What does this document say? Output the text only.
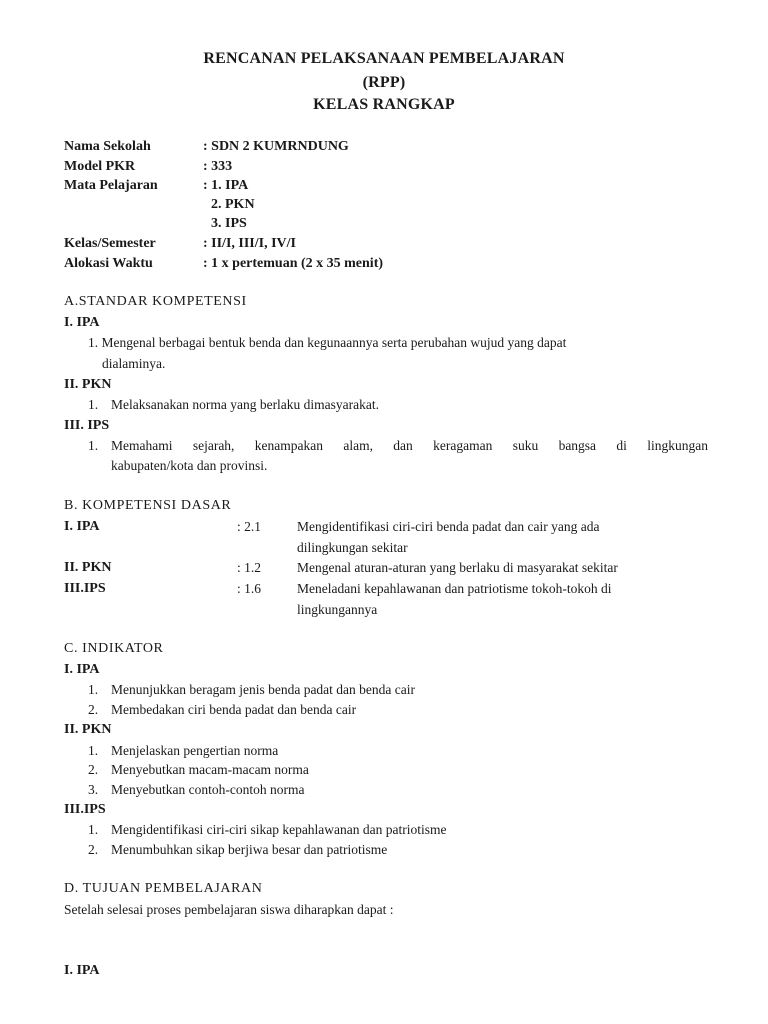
RENCANAN PELAKSANAAN PEMBELAJARAN
(RPP)
KELAS RANGKAP
Nama Sekolah	: SDN 2 KUMRNDUNG
Model PKR	: 333
Mata Pelajaran	: 1. IPA
2. PKN
3. IPS
Kelas/Semester	: II/I, III/I, IV/I
Alokasi Waktu	: 1 x pertemuan (2 x 35 menit)
A.STANDAR KOMPETENSI
I. IPA
1. Mengenal berbagai bentuk benda dan kegunaannya serta perubahan wujud yang dapat
dialaminya.
II. PKN
1. Melaksanakan norma yang berlaku dimasyarakat.
III. IPS
1. Memahami sejarah, kenampakan alam, dan keragaman suku bangsa di lingkungan
kabupaten/kota dan provinsi.
B. KOMPETENSI DASAR
I. IPA	: 2.1	Mengidentifikasi ciri-ciri benda padat dan cair yang ada
dilingkungan sekitar
II. PKN	: 1.2	Mengenal aturan-aturan yang berlaku di masyarakat sekitar
III.IPS	: 1.6	Meneladani kepahlawanan dan patriotisme tokoh-tokoh di
lingkungannya
C. INDIKATOR
I. IPA
1. Menunjukkan beragam jenis benda padat dan benda cair
2. Membedakan ciri benda padat dan benda cair
II. PKN
1. Menjelaskan pengertian norma
2. Menyebutkan macam-macam norma
3. Menyebutkan contoh-contoh norma
III.IPS
1. Mengidentifikasi ciri-ciri sikap kepahlawanan dan patriotisme
2. Menumbuhkan sikap berjiwa besar dan patriotisme
D. TUJUAN PEMBELAJARAN
Setelah selesai proses pembelajaran siswa diharapkan dapat :
I. IPA
